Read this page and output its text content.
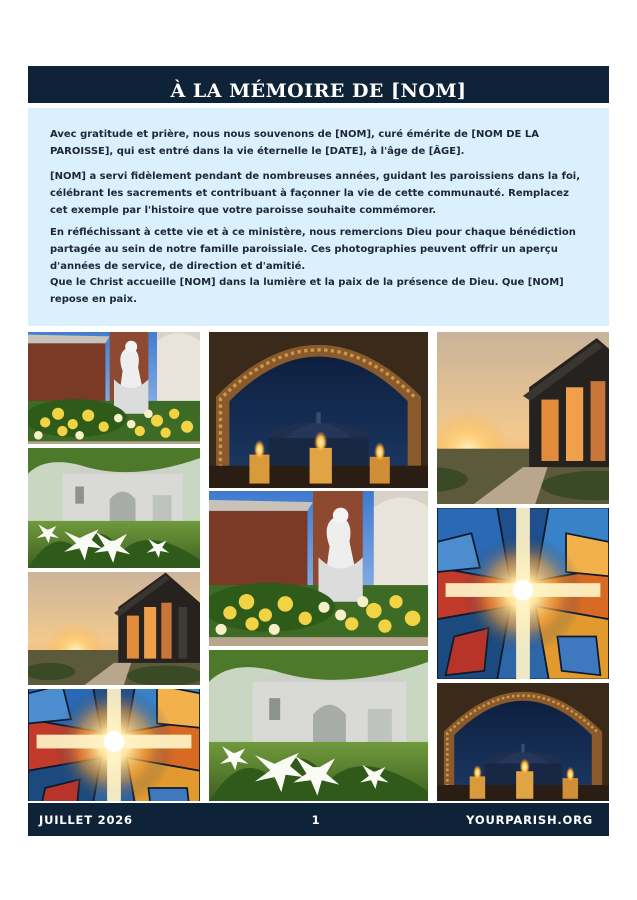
À LA MÉMOIRE DE [NOM]

Avec gratitude et prière, nous nous souvenons de [NOM], curé émérite de [NOM DE LA PAROISSE], qui est entré dans la vie éternelle le [DATE], à l'âge de [ÂGE].

[NOM] a servi fidèlement pendant de nombreuses années, guidant les paroissiens dans la foi, célébrant les sacrements et contribuant à façonner la vie de cette communauté. Remplacez cet exemple par l'histoire que votre paroisse souhaite commémorer.

En réfléchissant à cette vie et à ce ministère, nous remercions Dieu pour chaque bénédiction partagée au sein de notre famille paroissiale. Ces photographies peuvent offrir un aperçu d'années de service, de direction et d'amitié.

Que le Christ accueille [NOM] dans la lumière et la paix de la présence de Dieu. Que [NOM] repose en paix.

JUILLET 2026	1	YOURPARISH.ORG
